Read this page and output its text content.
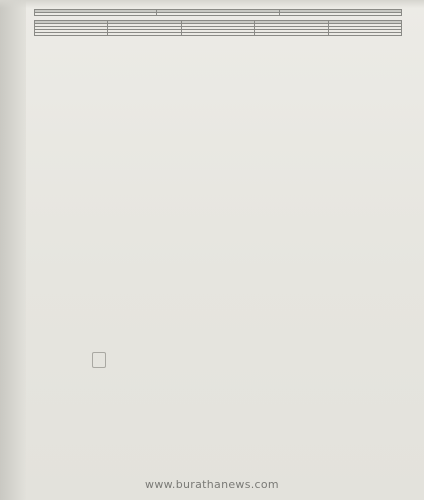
www.burathanews.com
